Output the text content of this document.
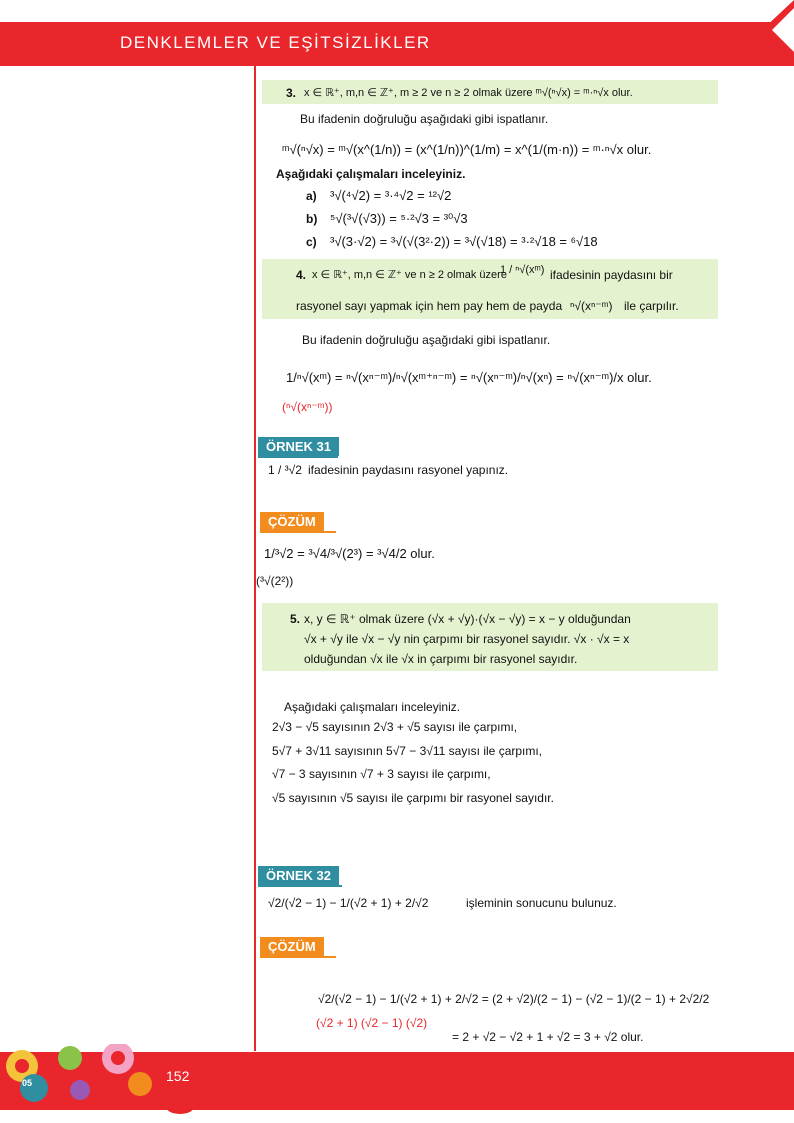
DENKLEMLER VE EŞİTSİZLİKLER
3. x ∈ ℝ⁺, m,n ∈ ℤ⁺, m ≥ 2 ve n ≥ 2 olmak üzere ᵐ√(ⁿ√x) = ᵐ·ⁿ√x olur.
Bu ifadenin doğruluğu aşağıdaki gibi ispatlanır.
ᵐ√(ⁿ√x) = ᵐ√(x^(1/n)) = (x^(1/n))^(1/m) = x^(1/(m·n)) = ᵐ·ⁿ√x olur.
Aşağıdaki çalışmaları inceleyiniz.
a) ³√(⁴√2) = ³·⁴√2 = ¹²√2
b) ⁵√(³√(√3)) = ⁵·²√3 = ³⁰√3
c) ³√(3·√2) = ³√(√(3²·2)) = ³√(√18) = ³·²√18 = ⁶√18
4. x ∈ ℝ⁺, m,n ∈ ℤ⁺ ve n ≥ 2 olmak üzere
1 / ⁿ√(xᵐ) ifadesinin paydasını bir
rasyonel sayı yapmak için hem pay hem de payda ⁿ√(xⁿ⁻ᵐ) ile çarpılır.
Bu ifadenin doğruluğu aşağıdaki gibi ispatlanır.
1/ⁿ√(xᵐ) = ⁿ√(xⁿ⁻ᵐ)/ⁿ√(xᵐ⁺ⁿ⁻ᵐ) = ⁿ√(xⁿ⁻ᵐ)/ⁿ√(xⁿ) = ⁿ√(xⁿ⁻ᵐ)/x olur.
(ⁿ√(xⁿ⁻ᵐ))
ÖRNEK 31
1 / ³√2 ifadesinin paydasını rasyonel yapınız.
ÇÖZÜM
1/³√2 = ³√4/³√(2³) = ³√4/2 olur.
(³√(2²))
5. x, y ∈ ℝ⁺ olmak üzere (√x + √y)·(√x − √y) = x − y olduğundan
√x + √y ile √x − √y nin çarpımı bir rasyonel sayıdır. √x · √x = x
olduğundan √x ile √x in çarpımı bir rasyonel sayıdır.
Aşağıdaki çalışmaları inceleyiniz.
2√3 − √5 sayısının 2√3 + √5 sayısı ile çarpımı,
5√7 + 3√11 sayısının 5√7 − 3√11 sayısı ile çarpımı,
√7 − 3 sayısının √7 + 3 sayısı ile çarpımı,
√5 sayısının √5 sayısı ile çarpımı bir rasyonel sayıdır.
ÖRNEK 32
√2/(√2 − 1) − 1/(√2 + 1) + 2/√2	işleminin sonucunu bulunuz.
ÇÖZÜM
√2/(√2 − 1) − 1/(√2 + 1) + 2/√2 = (2 + √2)/(2 − 1) − (√2 − 1)/(2 − 1) + 2√2/2
(√2 + 1) (√2 − 1) (√2)
= 2 + √2 − √2 + 1 + √2 = 3 + √2 olur.
05	152
